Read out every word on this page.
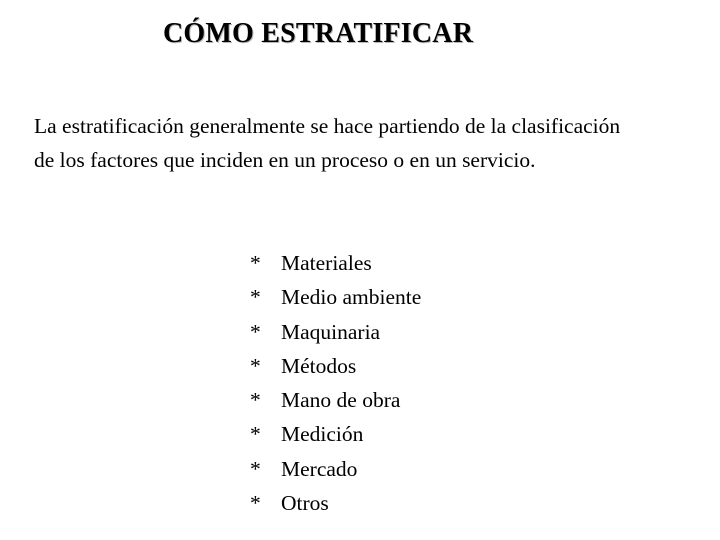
CÓMO ESTRATIFICAR
La estratificación generalmente se hace partiendo de la clasificación
de los factores que inciden en un proceso o en un servicio.
* Materiales
* Medio ambiente
* Maquinaria
* Métodos
* Mano de obra
* Medición
* Mercado
* Otros
